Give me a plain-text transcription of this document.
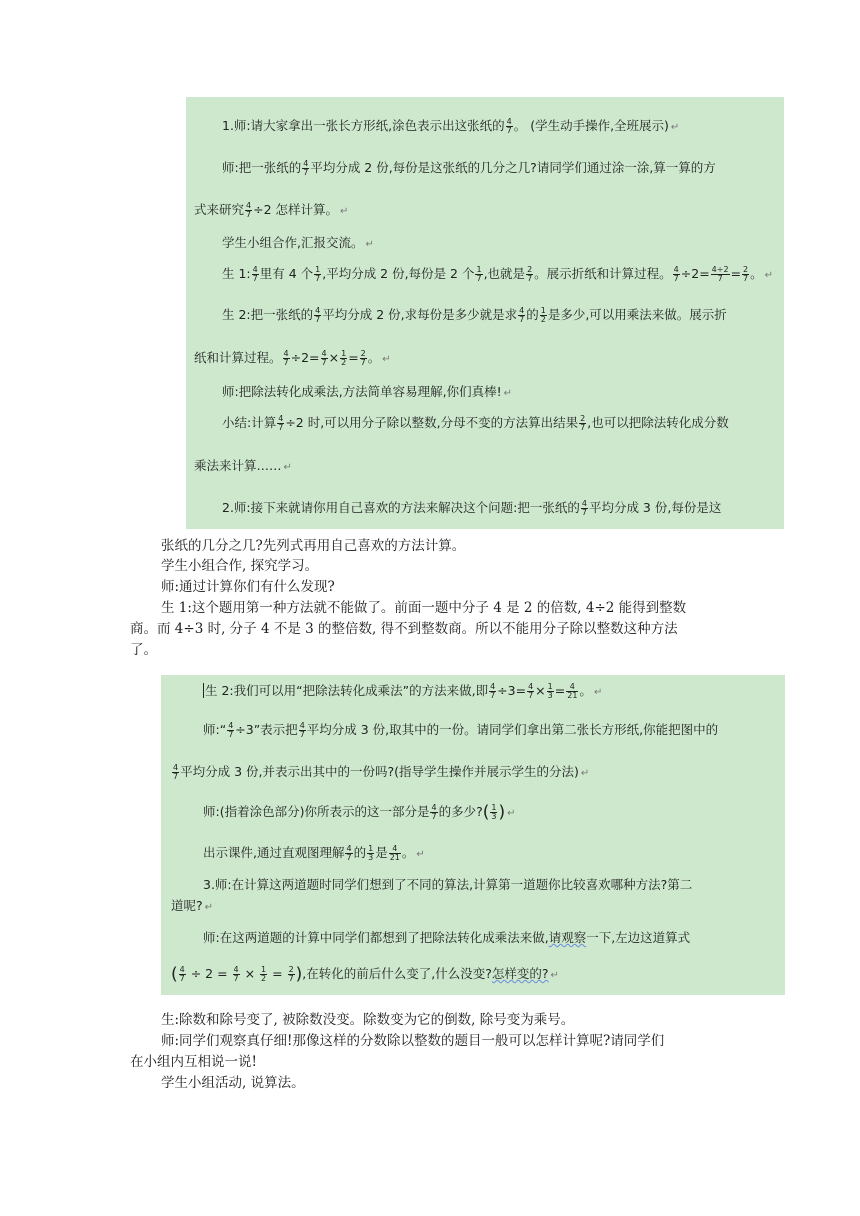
1.师:请大家拿出一张长方形纸,涂色表示出这张纸的 $\frac{4}{7}$ 。 (学生动手操作,全班展示) ↵
师:把一张纸的 $\frac{4}{7}$ 平均分成 2 份,每份是这张纸的几分之几?请同学们通过涂一涂,算一算的方
式来研究 $\frac{4}{7} \div 2$ 怎样计算。 ↵
学生小组合作,汇报交流。 ↵
生 1: $\frac{4}{7}$ 里有 4 个 $\frac{1}{7}$ ,平均分成 2 份,每份是 2 个 $\frac{1}{7}$ ,也就是 $\frac{2}{7}$ 。展示折纸和计算过程。 $\frac{4}{7} \div 2= \frac{4\div 2}{7} = \frac{2}{7}$ 。 ↵
生 2:把一张纸的 $\frac{4}{7}$ 平均分成 2 份,求每份是多少就是求 $\frac{4}{7}$ 的 $\frac{1}{2}$ 是多少,可以用乘法来做。展示折
纸和计算过程。 $\frac{4}{7} \div 2= \frac{4}{7} \times \frac{1}{2} = \frac{2}{7}$ 。 ↵
师:把除法转化成乘法,方法简单容易理解,你们真棒! ↵
小结:计算 $\frac{4}{7} \div 2$ 时,可以用分子除以整数,分母不变的方法算出结果 $\frac{2}{7}$ ,也可以把除法转化成分数
乘法来计算…… ↵
2.师:接下来就请你用自己喜欢的方法来解决这个问题:把一张纸的 $\frac{4}{7}$ 平均分成 3 份,每份是这
张纸的几分之几?先列式再用自己喜欢的方法计算。
学生小组合作, 探究学习。
师:通过计算你们有什么发现?
生 1:这个题用第一种方法就不能做了。前面一题中分子 4 是 2 的倍数, 4÷2 能得到整数
商。而 4÷3 时, 分子 4 不是 3 的整倍数, 得不到整数商。所以不能用分子除以整数这种方法
了。
生 2:我们可以用“把除法转化成乘法”的方法来做,即 $\frac{4}{7} \div 3= \frac{4}{7} \times \frac{1}{3} = \frac{4}{21}$ 。 ↵
师:“ $\frac{4}{7} \div 3$”表示把 $\frac{4}{7}$ 平均分成 3 份,取其中的一份。请同学们拿出第二张长方形纸,你能把图中的
$\frac{4}{7}$ 平均分成 3 份,并表示出其中的一份吗?(指导学生操作并展示学生的分法) ↵
师:(指着涂色部分)你所表示的这一部分是 $\frac{4}{7}$ 的多少?( $\frac{1}{3}$ ) ↵
出示课件,通过直观图理解 $\frac{4}{7}$ 的 $\frac{1}{3}$ 是 $\frac{4}{21}$ 。 ↵
3.师:在计算这两道题时同学们想到了不同的算法,计算第一道题你比较喜欢哪种方法?第二
道呢? ↵
师:在这两道题的计算中同学们都想到了把除法转化成乘法来做,请观察一下,左边这道算式
( $\frac{4}{7} \div 2 = \frac{4}{7} \times \frac{1}{2} = \frac{2}{7}$ ),在转化的前后什么变了,什么没变?怎样变的? ↵
生:除数和除号变了, 被除数没变。除数变为它的倒数, 除号变为乘号。
师:同学们观察真仔细!那像这样的分数除以整数的题目一般可以怎样计算呢?请同学们
在小组内互相说一说!
学生小组活动, 说算法。
